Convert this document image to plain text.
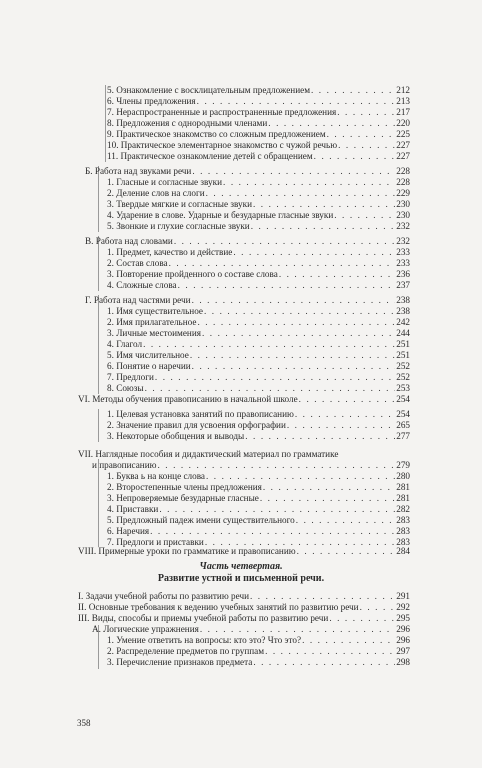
Часть четвертая.
Развитие устной и письменной речи.
358
5. Ознакомление с восклицательным предложением . . .	212
6. Члены предложения . . .	213
7. Нераспространенные и распространенные предложения . . .	217
8. Предложения с однородными членами . . .	220
9. Практическое знакомство со сложным предложением . . .	225
10. Практическое элементарное знакомство с чужой речью . . .	227
11. Практическое ознакомление детей с обращением . . .	227
Б. Работа над звуками речи . . .	228
1. Гласные и согласные звуки . . .	228
2. Деление слов на слоги . . .	229
3. Твердые мягкие и согласные звуки . . .	230
4. Ударение в слове. Ударные и безударные гласные звуки . . .	230
5. Звонкие и глухие согласные звуки . . .	232
В. Работа над словами . . .	232
1. Предмет, качество и действие . . .	233
2. Состав слова . . .	233
3. Повторение пройденного о составе слова . . .	236
4. Сложные слова . . .	237
Г. Работа над частями речи . . .	238
1. Имя существительное . . .	238
2. Имя прилагательное . . .	242
3. Личные местоимения . . .	244
4. Глагол . . .	251
5. Имя числительное . . .	251
6. Понятие о наречии . . .	252
7. Предлоги . . .	252
8. Союзы . . .	253
VI. Методы обучения правописанию в начальной школе . . .	254
1. Целевая установка занятий по правописанию . . .	254
2. Значение правил для усвоения орфографии . . .	265
3. Некоторые обобщения и выводы . . .	277
VII. Наглядные пособия и дидактический материал по грамматике
и правописанию . . .	279
1. Буква ь на конце слова . . .	280
2. Второстепенные члены предложения . . .	281
3. Непроверяемые безударные гласные . . .	281
4. Приставки . . .	282
5. Предложный падеж имени существительного . . .	283
6. Наречия . . .	283
7. Предлоги и приставки . . .	283
VIII. Примерные уроки по грамматике и правописанию . . .	284
I. Задачи учебной работы по развитию речи . . .	291
II. Основные требования к ведению учебных занятий по развитию речи . . .	292
III. Виды, способы и приемы учебной работы по развитию речи . . .	295
А. Логические упражнения . . .	296
1. Умение ответить на вопросы: кто это? Что это? . . .	296
2. Распределение предметов по группам . . .	297
3. Перечисление признаков предмета . . .	298
